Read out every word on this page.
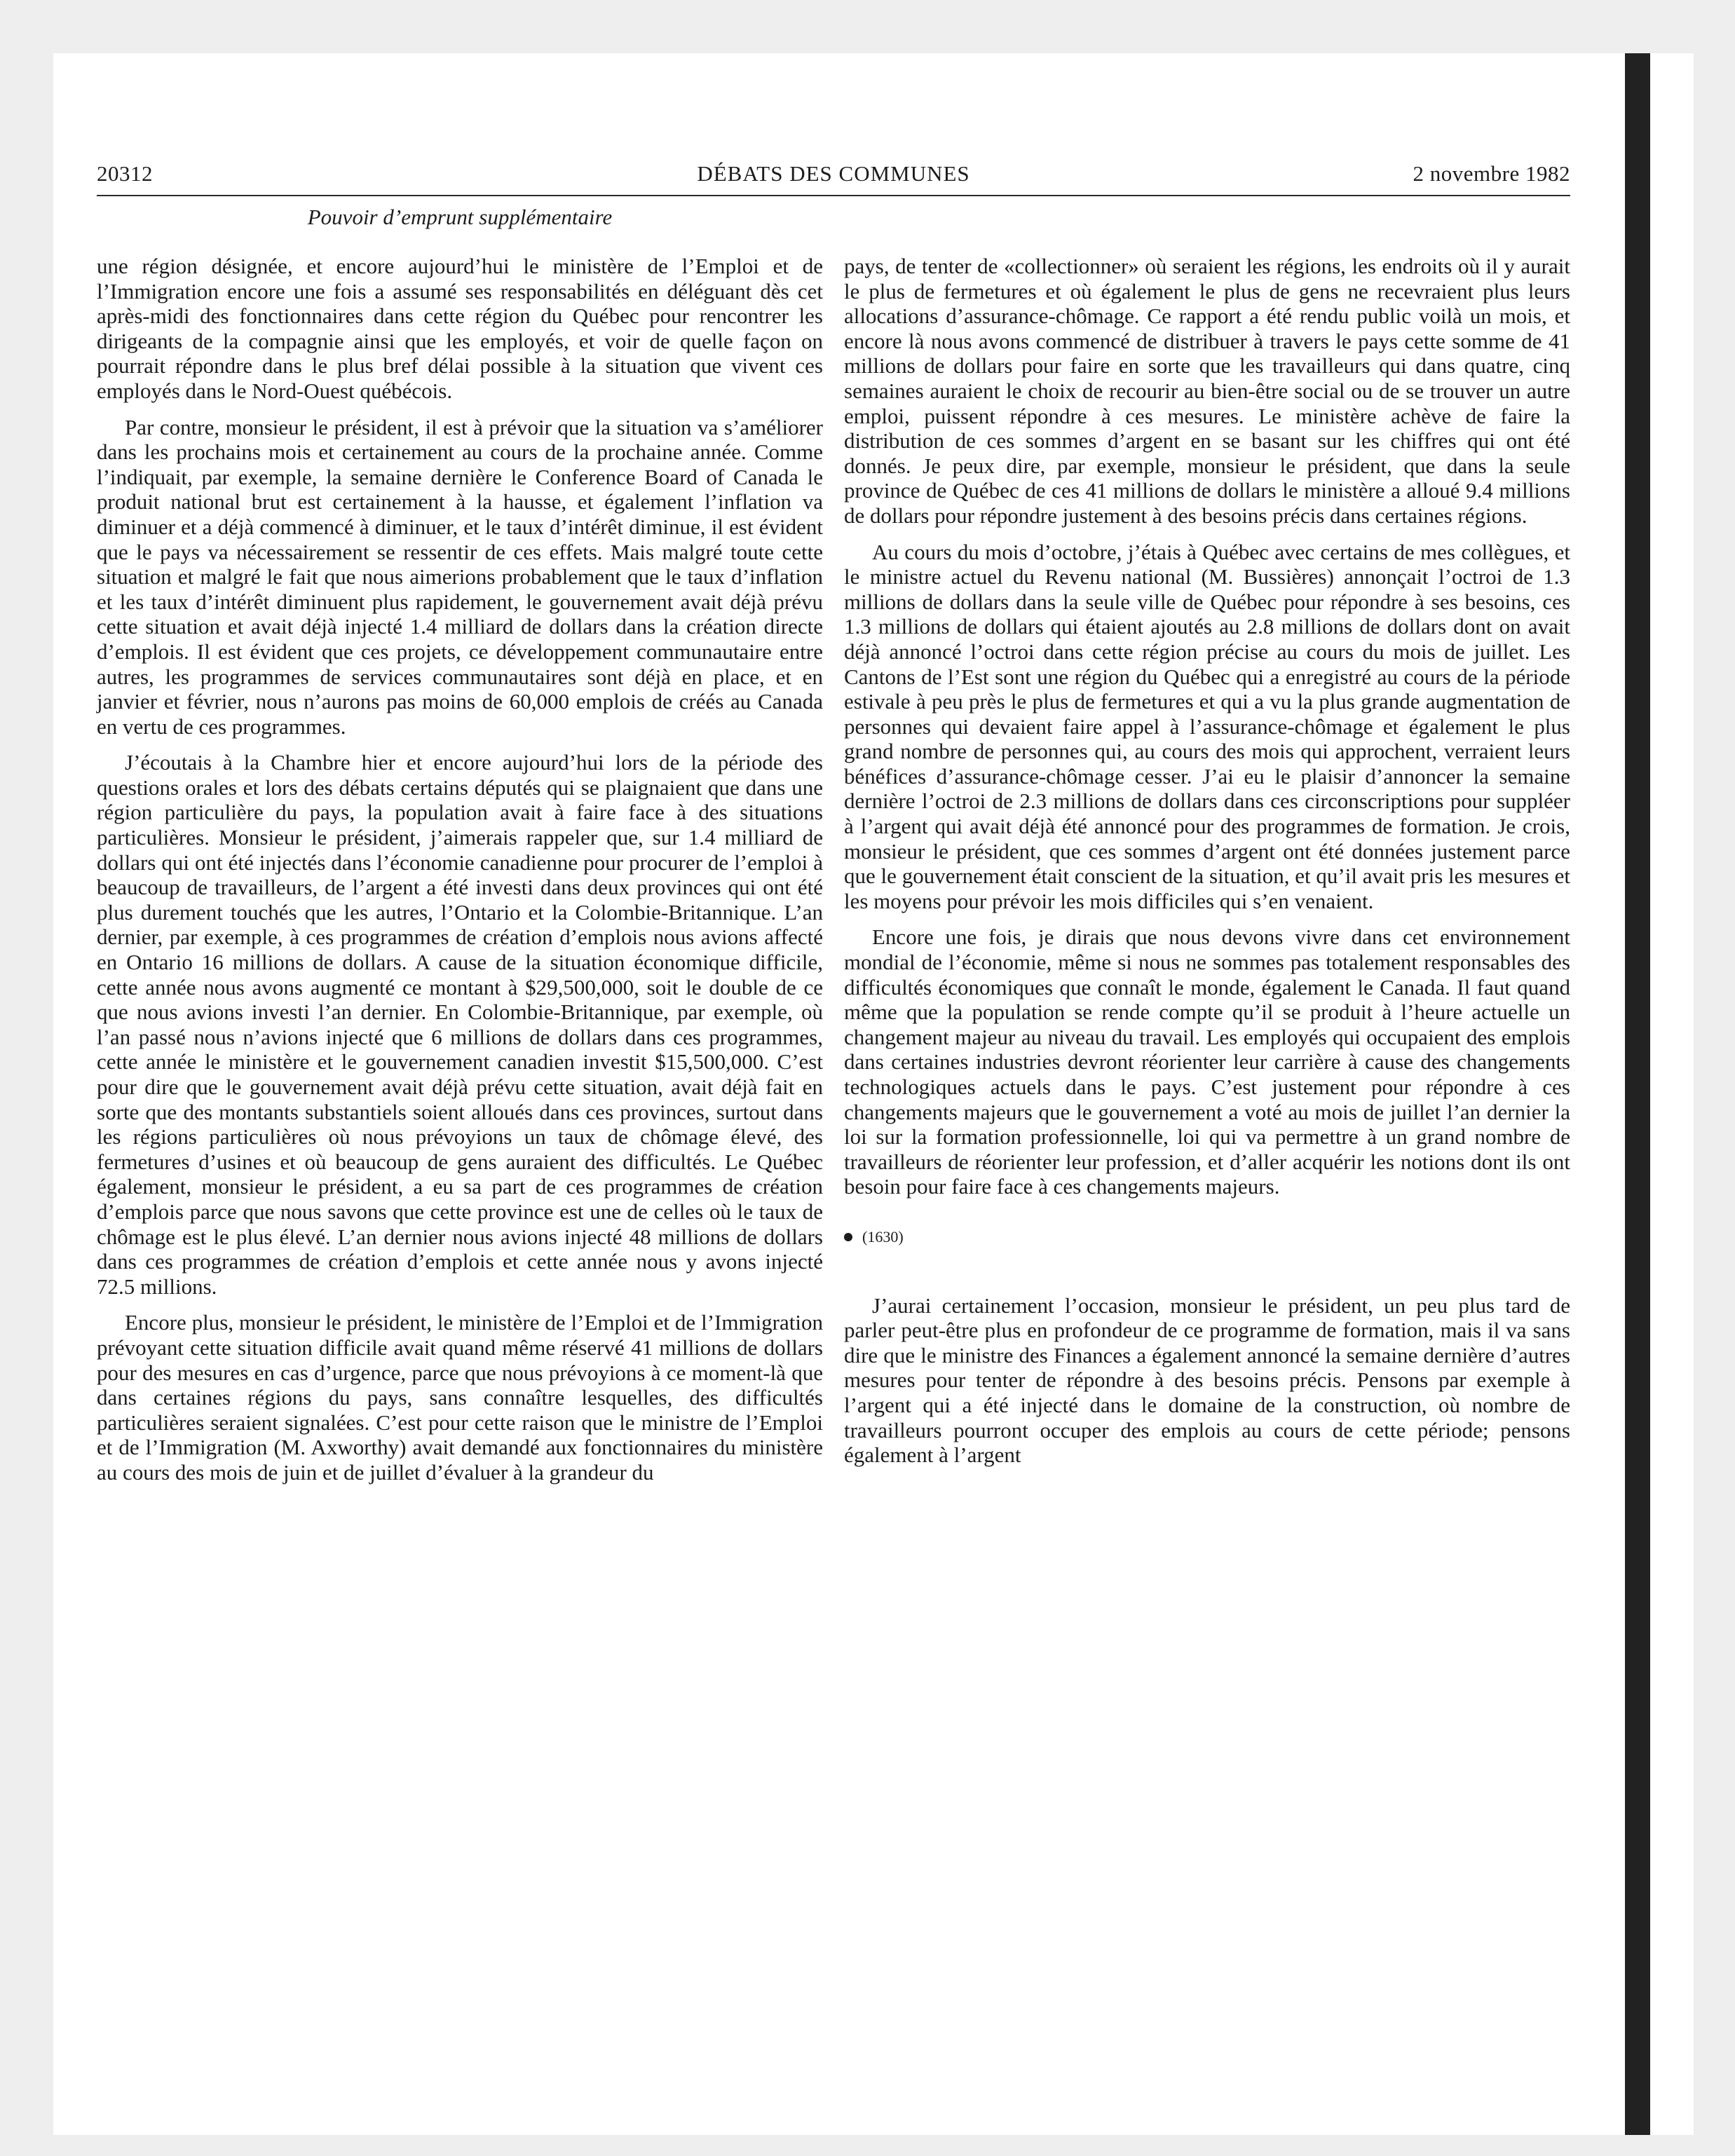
20312	DÉBATS DES COMMUNES	2 novembre 1982
Pouvoir d’emprunt supplémentaire

une région désignée, et encore aujourd’hui le ministère de l’Emploi et de l’Immigration encore une fois a assumé ses responsabilités en déléguant dès cet après-midi des fonctionnaires dans cette région du Québec pour rencontrer les dirigeants de la compagnie ainsi que les employés, et voir de quelle façon on pourrait répondre dans le plus bref délai possible à la situation que vivent ces employés dans le Nord-Ouest québécois.

Par contre, monsieur le président, il est à prévoir que la situation va s’améliorer dans les prochains mois et certainement au cours de la prochaine année. Comme l’indiquait, par exemple, la semaine dernière le Conference Board of Canada le produit national brut est certainement à la hausse, et également l’inflation va diminuer et a déjà commencé à diminuer, et le taux d’intérêt diminue, il est évident que le pays va nécessairement se ressentir de ces effets. Mais malgré toute cette situation et malgré le fait que nous aimerions probablement que le taux d’inflation et les taux d’intérêt diminuent plus rapidement, le gouvernement avait déjà prévu cette situation et avait déjà injecté 1.4 milliard de dollars dans la création directe d’emplois. Il est évident que ces projets, ce développement communautaire entre autres, les programmes de services communautaires sont déjà en place, et en janvier et février, nous n’aurons pas moins de 60,000 emplois de créés au Canada en vertu de ces programmes.

J’écoutais à la Chambre hier et encore aujourd’hui lors de la période des questions orales et lors des débats certains députés qui se plaignaient que dans une région particulière du pays, la population avait à faire face à des situations particulières. Monsieur le président, j’aimerais rappeler que, sur 1.4 milliard de dollars qui ont été injectés dans l’économie canadienne pour procurer de l’emploi à beaucoup de travailleurs, de l’argent a été investi dans deux provinces qui ont été plus durement touchés que les autres, l’Ontario et la Colombie-Britannique. L’an dernier, par exemple, à ces programmes de création d’emplois nous avions affecté en Ontario 16 millions de dollars. A cause de la situation économique difficile, cette année nous avons augmenté ce montant à $29,500,000, soit le double de ce que nous avions investi l’an dernier. En Colombie-Britannique, par exemple, où l’an passé nous n’avions injecté que 6 millions de dollars dans ces programmes, cette année le ministère et le gouvernement canadien investit $15,500,000. C’est pour dire que le gouvernement avait déjà prévu cette situation, avait déjà fait en sorte que des montants substantiels soient alloués dans ces provinces, surtout dans les régions particulières où nous prévoyions un taux de chômage élevé, des fermetures d’usines et où beaucoup de gens auraient des difficultés. Le Québec également, monsieur le président, a eu sa part de ces programmes de création d’emplois parce que nous savons que cette province est une de celles où le taux de chômage est le plus élevé. L’an dernier nous avions injecté 48 millions de dollars dans ces programmes de création d’emplois et cette année nous y avons injecté 72.5 millions.

Encore plus, monsieur le président, le ministère de l’Emploi et de l’Immigration prévoyant cette situation difficile avait quand même réservé 41 millions de dollars pour des mesures en cas d’urgence, parce que nous prévoyions à ce moment-là que dans certaines régions du pays, sans connaître lesquelles, des difficultés particulières seraient signalées. C’est pour cette raison que le ministre de l’Emploi et de l’Immigration (M. Axworthy) avait demandé aux fonctionnaires du ministère au cours des mois de juin et de juillet d’évaluer à la grandeur du

pays, de tenter de «collectionner» où seraient les régions, les endroits où il y aurait le plus de fermetures et où également le plus de gens ne recevraient plus leurs allocations d’assurance-chômage. Ce rapport a été rendu public voilà un mois, et encore là nous avons commencé de distribuer à travers le pays cette somme de 41 millions de dollars pour faire en sorte que les travailleurs qui dans quatre, cinq semaines auraient le choix de recourir au bien-être social ou de se trouver un autre emploi, puissent répondre à ces mesures. Le ministère achève de faire la distribution de ces sommes d’argent en se basant sur les chiffres qui ont été donnés. Je peux dire, par exemple, monsieur le président, que dans la seule province de Québec de ces 41 millions de dollars le ministère a alloué 9.4 millions de dollars pour répondre justement à des besoins précis dans certaines régions.

Au cours du mois d’octobre, j’étais à Québec avec certains de mes collègues, et le ministre actuel du Revenu national (M. Bussières) annonçait l’octroi de 1.3 millions de dollars dans la seule ville de Québec pour répondre à ses besoins, ces 1.3 millions de dollars qui étaient ajoutés au 2.8 millions de dollars dont on avait déjà annoncé l’octroi dans cette région précise au cours du mois de juillet. Les Cantons de l’Est sont une région du Québec qui a enregistré au cours de la période estivale à peu près le plus de fermetures et qui a vu la plus grande augmentation de personnes qui devaient faire appel à l’assurance-chômage et également le plus grand nombre de personnes qui, au cours des mois qui approchent, verraient leurs bénéfices d’assurance-chômage cesser. J’ai eu le plaisir d’annoncer la semaine dernière l’octroi de 2.3 millions de dollars dans ces circonscriptions pour suppléer à l’argent qui avait déjà été annoncé pour des programmes de formation. Je crois, monsieur le président, que ces sommes d’argent ont été données justement parce que le gouvernement était conscient de la situation, et qu’il avait pris les mesures et les moyens pour prévoir les mois difficiles qui s’en venaient.

Encore une fois, je dirais que nous devons vivre dans cet environnement mondial de l’économie, même si nous ne sommes pas totalement responsables des difficultés économiques que connaît le monde, également le Canada. Il faut quand même que la population se rende compte qu’il se produit à l’heure actuelle un changement majeur au niveau du travail. Les employés qui occupaient des emplois dans certaines industries devront réorienter leur carrière à cause des changements technologiques actuels dans le pays. C’est justement pour répondre à ces changements majeurs que le gouvernement a voté au mois de juillet l’an dernier la loi sur la formation professionnelle, loi qui va permettre à un grand nombre de travailleurs de réorienter leur profession, et d’aller acquérir les notions dont ils ont besoin pour faire face à ces changements majeurs.

(1630)

J’aurai certainement l’occasion, monsieur le président, un peu plus tard de parler peut-être plus en profondeur de ce programme de formation, mais il va sans dire que le ministre des Finances a également annoncé la semaine dernière d’autres mesures pour tenter de répondre à des besoins précis. Pensons par exemple à l’argent qui a été injecté dans le domaine de la construction, où nombre de travailleurs pourront occuper des emplois au cours de cette période; pensons également à l’argent
